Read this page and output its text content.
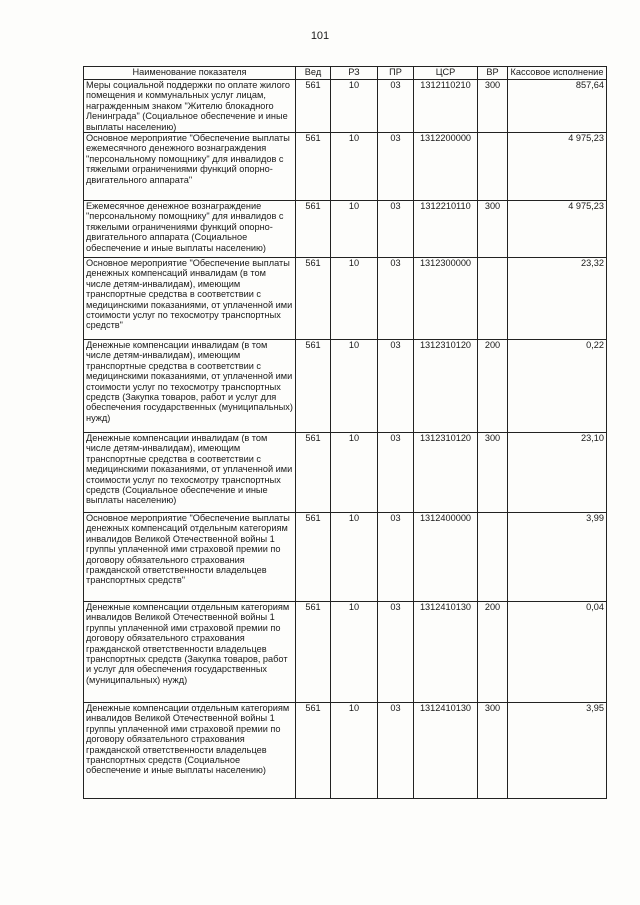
101
Наименование показателя	Вед	РЗ	ПР	ЦСР	ВР	Кассовое исполнение
Меры социальной поддержки по оплате жилого помещения и коммунальных услуг лицам, награжденным знаком "Жителю блокадного Ленинграда" (Социальное обеспечение и иные выплаты населению)	561	10	03	1312110210	300	857,64
Основное мероприятие "Обеспечение выплаты ежемесячного денежного вознаграждения "персональному помощнику" для инвалидов с тяжелыми ограничениями функций опорно-двигательного аппарата"	561	10	03	1312200000		4 975,23
Ежемесячное денежное вознаграждение "персональному помощнику" для инвалидов с тяжелыми ограничениями функций опорно-двигательного аппарата (Социальное обеспечение и иные выплаты населению)	561	10	03	1312210110	300	4 975,23
Основное мероприятие "Обеспечение выплаты денежных компенсаций инвалидам (в том числе детям-инвалидам), имеющим транспортные средства в соответствии с медицинскими показаниями, от уплаченной ими стоимости услуг по техосмотру транспортных средств"	561	10	03	1312300000		23,32
Денежные компенсации инвалидам (в том числе детям-инвалидам), имеющим транспортные средства в соответствии с медицинскими показаниями, от уплаченной ими стоимости услуг по техосмотру транспортных средств (Закупка товаров, работ и услуг для обеспечения государственных (муниципальных) нужд)	561	10	03	1312310120	200	0,22
Денежные компенсации инвалидам (в том числе детям-инвалидам), имеющим транспортные средства в соответствии с медицинскими показаниями, от уплаченной ими стоимости услуг по техосмотру транспортных средств (Социальное обеспечение и иные выплаты населению)	561	10	03	1312310120	300	23,10
Основное мероприятие "Обеспечение выплаты денежных компенсаций отдельным категориям инвалидов Великой Отечественной войны 1 группы уплаченной ими страховой премии по договору обязательного страхования гражданской ответственности владельцев транспортных средств"	561	10	03	1312400000		3,99
Денежные компенсации отдельным категориям инвалидов Великой Отечественной войны 1 группы уплаченной ими страховой премии по договору обязательного страхования гражданской ответственности владельцев транспортных средств (Закупка товаров, работ и услуг для обеспечения государственных (муниципальных) нужд)	561	10	03	1312410130	200	0,04
Денежные компенсации отдельным категориям инвалидов Великой Отечественной войны 1 группы уплаченной ими страховой премии по договору обязательного страхования гражданской ответственности владельцев транспортных средств (Социальное обеспечение и иные выплаты населению)	561	10	03	1312410130	300	3,95
